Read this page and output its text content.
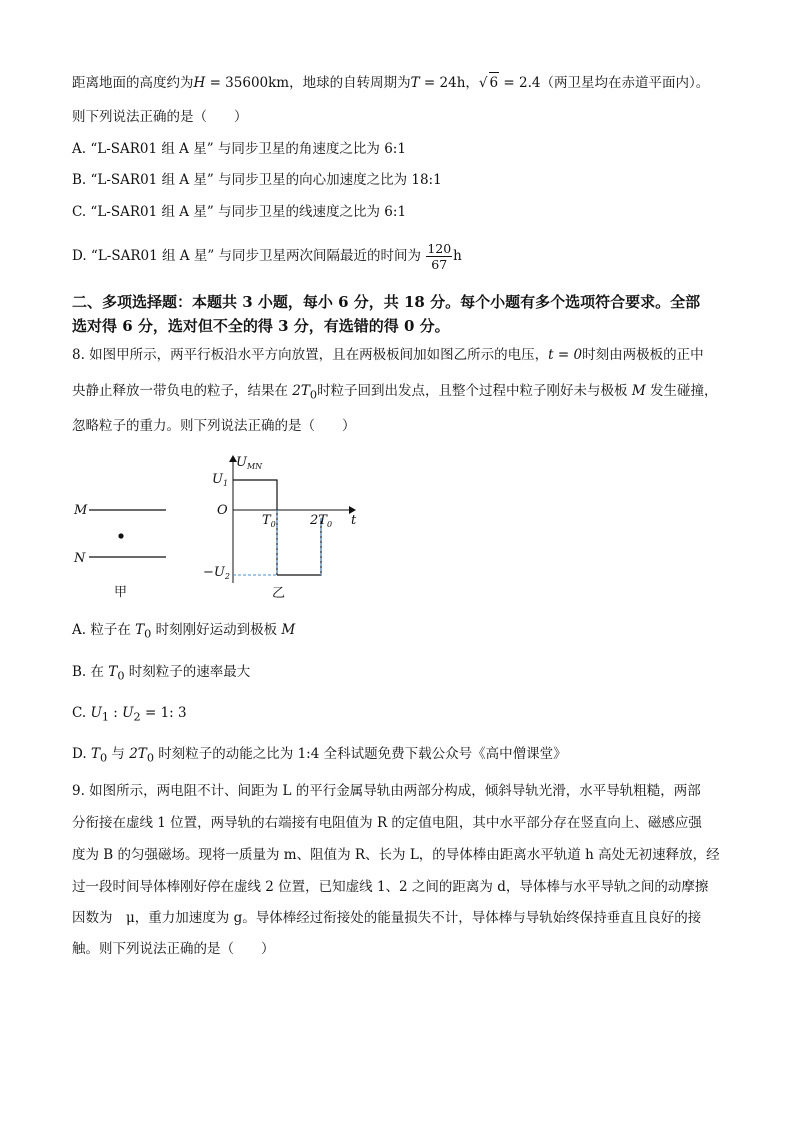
距离地面的高度约为H = 35600km，地球的自转周期为T = 24h，√ 6 = 2.4（两卫星均在赤道平面内）。
则下列说法正确的是（　　）
A. “L-SAR01 组 A 星” 与同步卫星的角速度之比为 6:1
B. “L-SAR01 组 A 星” 与同步卫星的向心加速度之比为 18:1
C. “L-SAR01 组 A 星” 与同步卫星的线速度之比为 6:1
D. “L-SAR01 组 A 星” 与同步卫星两次间隔最近的时间为 $\frac{120}{67}$ h
二、多项选择题：本题共 3 小题，每小 6 分，共 18 分。每个小题有多个选项符合要求。全部
选对得 6 分，选对但不全的得 3 分，有选错的得 0 分。
8. 如图甲所示，两平行板沿水平方向放置，且在两极板间加如图乙所示的电压，t = 0时刻由两极板的正中
央静止释放一带负电的粒子，结果在 $2T_0$时粒子回到出发点，且整个过程中粒子刚好未与极板 M 发生碰撞，
忽略粒子的重力。则下列说法正确的是（　　）
M
N
甲
$U_{MN}$
$U_1$
O
$T_0$	$2T_0$ t
$-U_2$
乙
A. 粒子在 $T_0$ 时刻刚好运动到极板 M
B. 在 $T_0$ 时刻粒子的速率最大
C. $U_1$ : $U_2 = 1$: 3
D. $T_0$ 与 $2T_0$ 时刻粒子的动能之比为 1:4 全科试题免费下载公众号《高中僧课堂》
9. 如图所示，两电阻不计、间距为 L 的平行金属导轨由两部分构成，倾斜导轨光滑，水平导轨粗糙，两部
分衔接在虚线 1 位置，两导轨的右端接有电阻值为 R 的定值电阻，其中水平部分存在竖直向上、磁感应强
度为 B 的匀强磁场。现将一质量为 m、阻值为 R、长为 L，的导体棒由距离水平轨道 h 高处无初速释放，经
过一段时间导体棒刚好停在虚线 2 位置，已知虚线 1、2 之间的距离为 d，导体棒与水平导轨之间的动摩擦
因数为　μ，重力加速度为 g。导体棒经过衔接处的能量损失不计，导体棒与导轨始终保持垂直且良好的接
触。则下列说法正确的是（　　）
